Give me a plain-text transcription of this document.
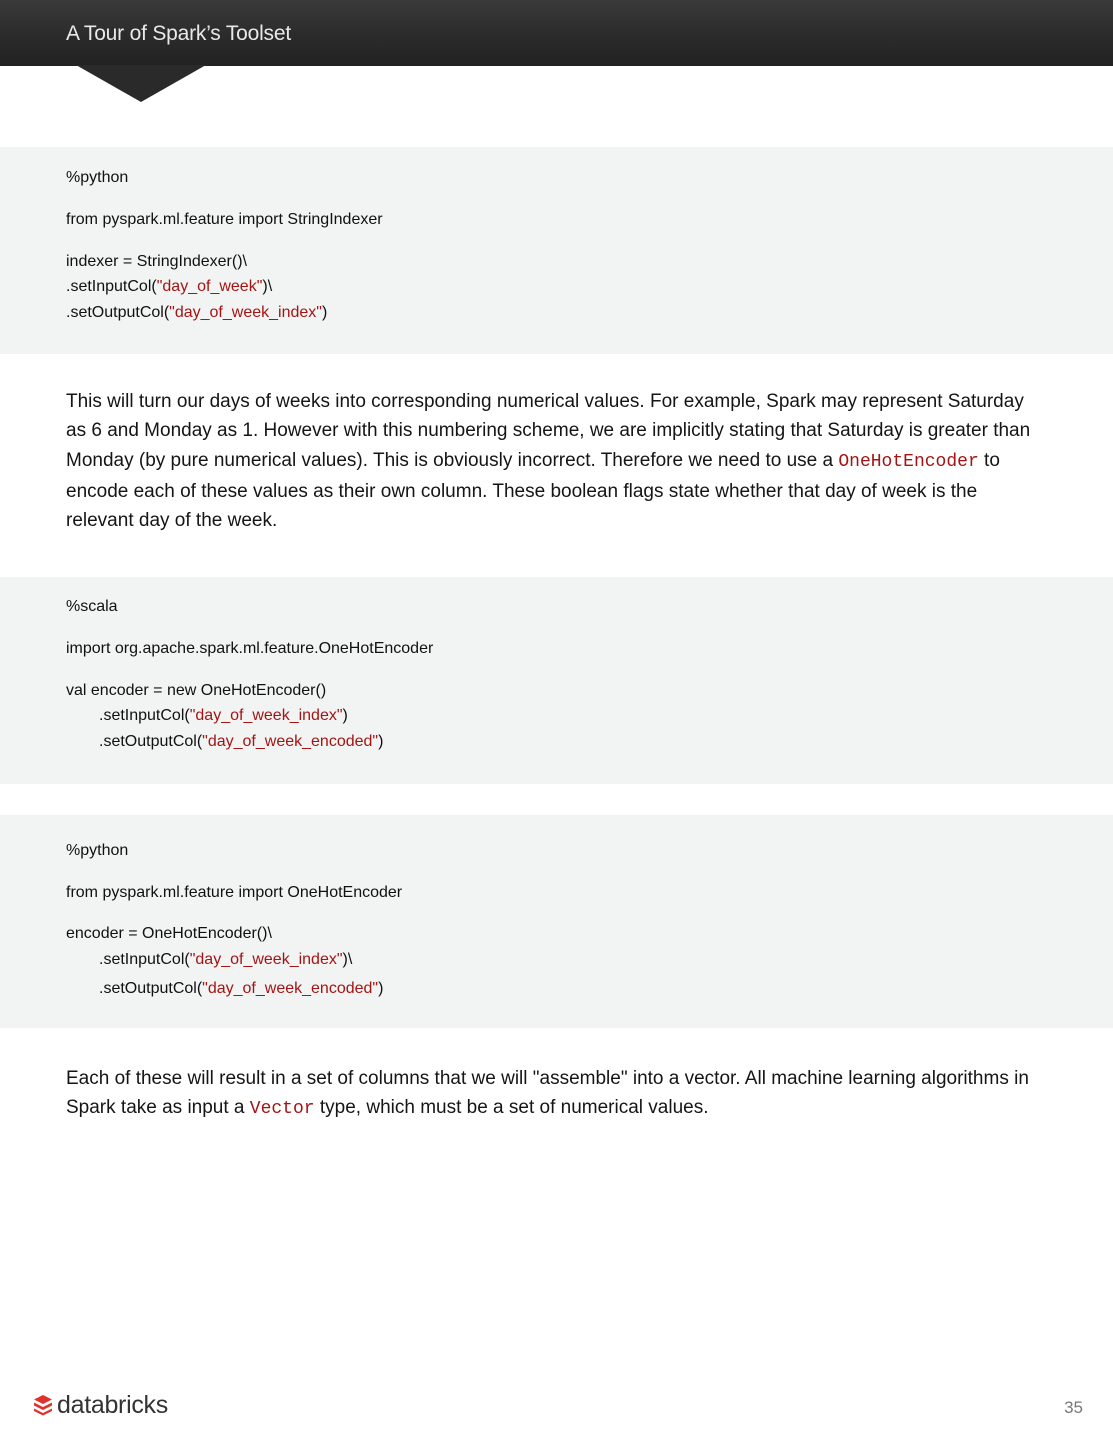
A Tour of Spark’s Toolset
%python
from pyspark.ml.feature import StringIndexer
indexer = StringIndexer()\
.setInputCol("day_of_week")\
.setOutputCol("day_of_week_index")
This will turn our days of weeks into corresponding numerical values. For example, Spark may represent Saturday as 6 and Monday as 1. However with this numbering scheme, we are implicitly stating that Saturday is greater than Monday (by pure numerical values). This is obviously incorrect. Therefore we need to use a OneHotEncoder to encode each of these values as their own column. These boolean flags state whether that day of week is the relevant day of the week.
%scala
import org.apache.spark.ml.feature.OneHotEncoder
val encoder = new OneHotEncoder()
.setInputCol("day_of_week_index")
.setOutputCol("day_of_week_encoded")
%python
from pyspark.ml.feature import OneHotEncoder
encoder = OneHotEncoder()\
.setInputCol("day_of_week_index")\
.setOutputCol("day_of_week_encoded")
Each of these will result in a set of columns that we will "assemble" into a vector. All machine learning algorithms in Spark take as input a Vector type, which must be a set of numerical values.
databricks	35
